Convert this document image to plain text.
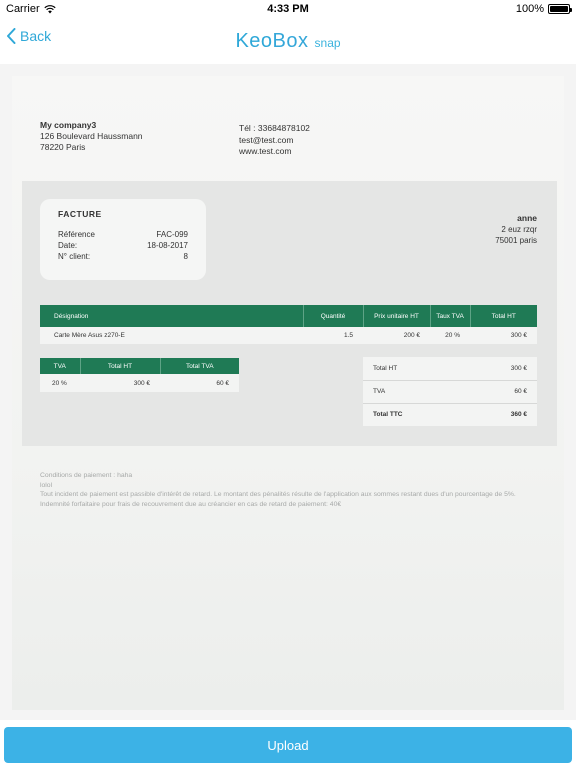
Carrier	4:33 PM	100%
Back	Keo Box snap
My company3
126 Boulevard Haussmann
78220 Paris
Tél : 33684878102
test@test.com
www.test.com
FACTURE
Référence	FAC-099
Date:	18-08-2017
N° client:	8
anne
2 euz rzqr
75001 paris
Désignation	Quantité	Prix unitaire HT	Taux TVA	Total HT
Carte Mère Asus z270-E	1.5	200 €	20 %	300 €
TVA	Total HT	Total TVA
20 %	300 €	60 €
Total HT	300 €
TVA	60 €
Total TTC	360 €
Conditions de paiement : haha
lolol
Tout incident de paiement est passible d'intérêt de retard. Le montant des pénalités résulte de l'application aux sommes restant dues d'un pourcentage de 5%.
Indemnité forfaitaire pour frais de recouvrement due au créancier en cas de retard de paiement: 40€
Upload
